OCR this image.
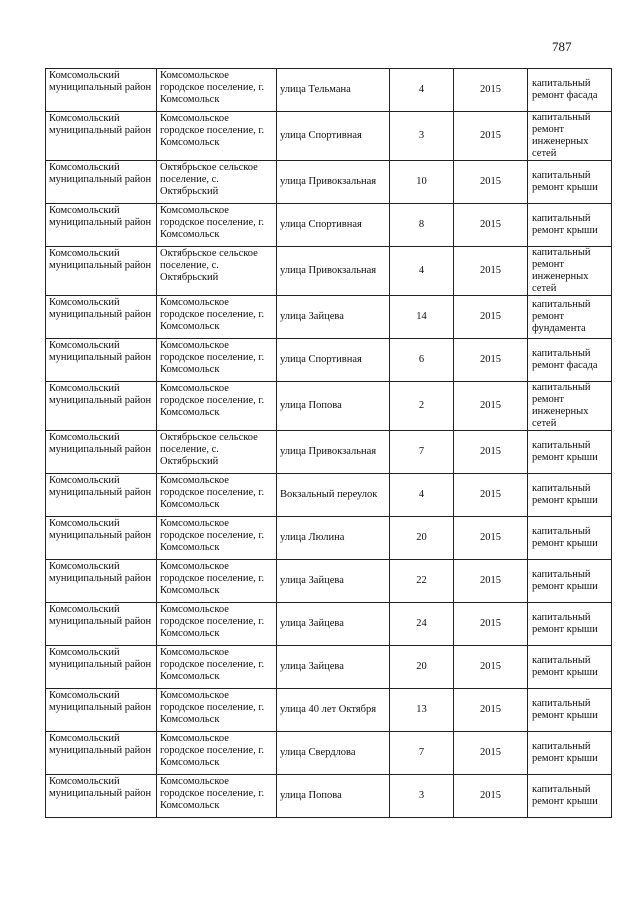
787
Комсомольский муниципальный район	Комсомольское городское поселение, г. Комсомольск	улица Тельмана	4	2015	капитальный ремонт фасада
Комсомольский муниципальный район	Комсомольское городское поселение, г. Комсомольск	улица Спортивная	3	2015	капитальный ремонт инженерных сетей
Комсомольский муниципальный район	Октябрьское сельское поселение, с. Октябрьский	улица Привокзальная	10	2015	капитальный ремонт крыши
Комсомольский муниципальный район	Комсомольское городское поселение, г. Комсомольск	улица Спортивная	8	2015	капитальный ремонт крыши
Комсомольский муниципальный район	Октябрьское сельское поселение, с. Октябрьский	улица Привокзальная	4	2015	капитальный ремонт инженерных сетей
Комсомольский муниципальный район	Комсомольское городское поселение, г. Комсомольск	улица Зайцева	14	2015	капитальный ремонт фундамента
Комсомольский муниципальный район	Комсомольское городское поселение, г. Комсомольск	улица Спортивная	6	2015	капитальный ремонт фасада
Комсомольский муниципальный район	Комсомольское городское поселение, г. Комсомольск	улица Попова	2	2015	капитальный ремонт инженерных сетей
Комсомольский муниципальный район	Октябрьское сельское поселение, с. Октябрьский	улица Привокзальная	7	2015	капитальный ремонт крыши
Комсомольский муниципальный район	Комсомольское городское поселение, г. Комсомольск	Вокзальный переулок	4	2015	капитальный ремонт крыши
Комсомольский муниципальный район	Комсомольское городское поселение, г. Комсомольск	улица Люлина	20	2015	капитальный ремонт крыши
Комсомольский муниципальный район	Комсомольское городское поселение, г. Комсомольск	улица Зайцева	22	2015	капитальный ремонт крыши
Комсомольский муниципальный район	Комсомольское городское поселение, г. Комсомольск	улица Зайцева	24	2015	капитальный ремонт крыши
Комсомольский муниципальный район	Комсомольское городское поселение, г. Комсомольск	улица Зайцева	20	2015	капитальный ремонт крыши
Комсомольский муниципальный район	Комсомольское городское поселение, г. Комсомольск	улица 40 лет Октября	13	2015	капитальный ремонт крыши
Комсомольский муниципальный район	Комсомольское городское поселение, г. Комсомольск	улица Свердлова	7	2015	капитальный ремонт крыши
Комсомольский муниципальный район	Комсомольское городское поселение, г. Комсомольск	улица Попова	3	2015	капитальный ремонт крыши
